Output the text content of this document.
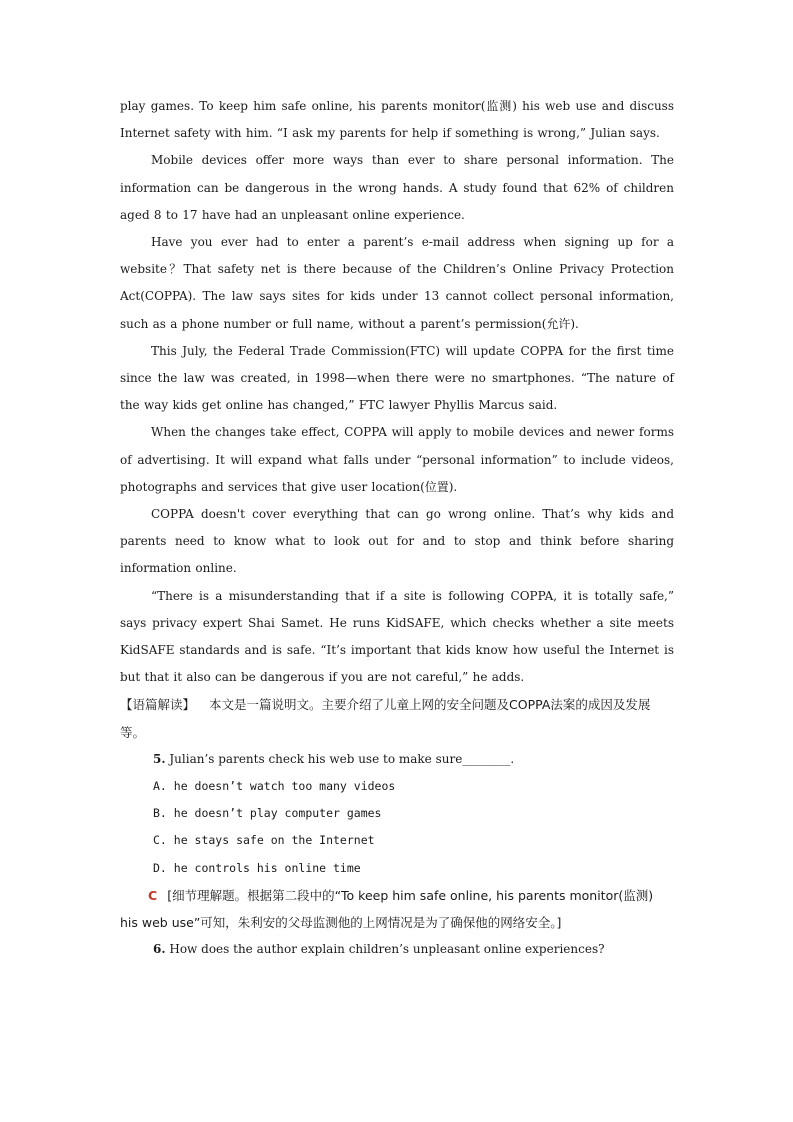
play games. To keep him safe online, his parents monitor(监测) his web use and discuss Internet safety with him. “I ask my parents for help if something is wrong,” Julian says.

Mobile devices offer more ways than ever to share personal information. The information can be dangerous in the wrong hands. A study found that 62% of children aged 8 to 17 have had an unpleasant online experience.

Have you ever had to enter a parent’s e-mail address when signing up for a website？That safety net is there because of the Children’s Online Privacy Protection Act(COPPA). The law says sites for kids under 13 cannot collect personal information, such as a phone number or full name, without a parent’s permission(允许).

This July, the Federal Trade Commission(FTC) will update COPPA for the first time since the law was created, in 1998—when there were no smartphones. “The nature of the way kids get online has changed,” FTC lawyer Phyllis Marcus said.

When the changes take effect, COPPA will apply to mobile devices and newer forms of advertising. It will expand what falls under “personal information” to include videos, photographs and services that give user location(位置).

COPPA doesn't cover everything that can go wrong online. That’s why kids and parents need to know what to look out for and to stop and think before sharing information online.

“There is a misunderstanding that if a site is following COPPA, it is totally safe,” says privacy expert Shai Samet. He runs KidSAFE, which checks whether a site meets KidSAFE standards and is safe. “It’s important that kids know how useful the Internet is but that it also can be dangerous if you are not careful,” he adds.

【语篇解读】 本文是一篇说明文。主要介绍了儿童上网的安全问题及COPPA法案的成因及发展等。

5. Julian’s parents check his web use to make sure________.

A. he doesn’t watch too many videos

B. he doesn’t play computer games

C. he stays safe on the Internet

D. he controls his online time

C [细节理解题。根据第二段中的“To keep him safe online, his parents monitor(监测) his web use”可知，朱利安的父母监测他的上网情况是为了确保他的网络安全。]

6. How does the author explain children’s unpleasant online experiences?
